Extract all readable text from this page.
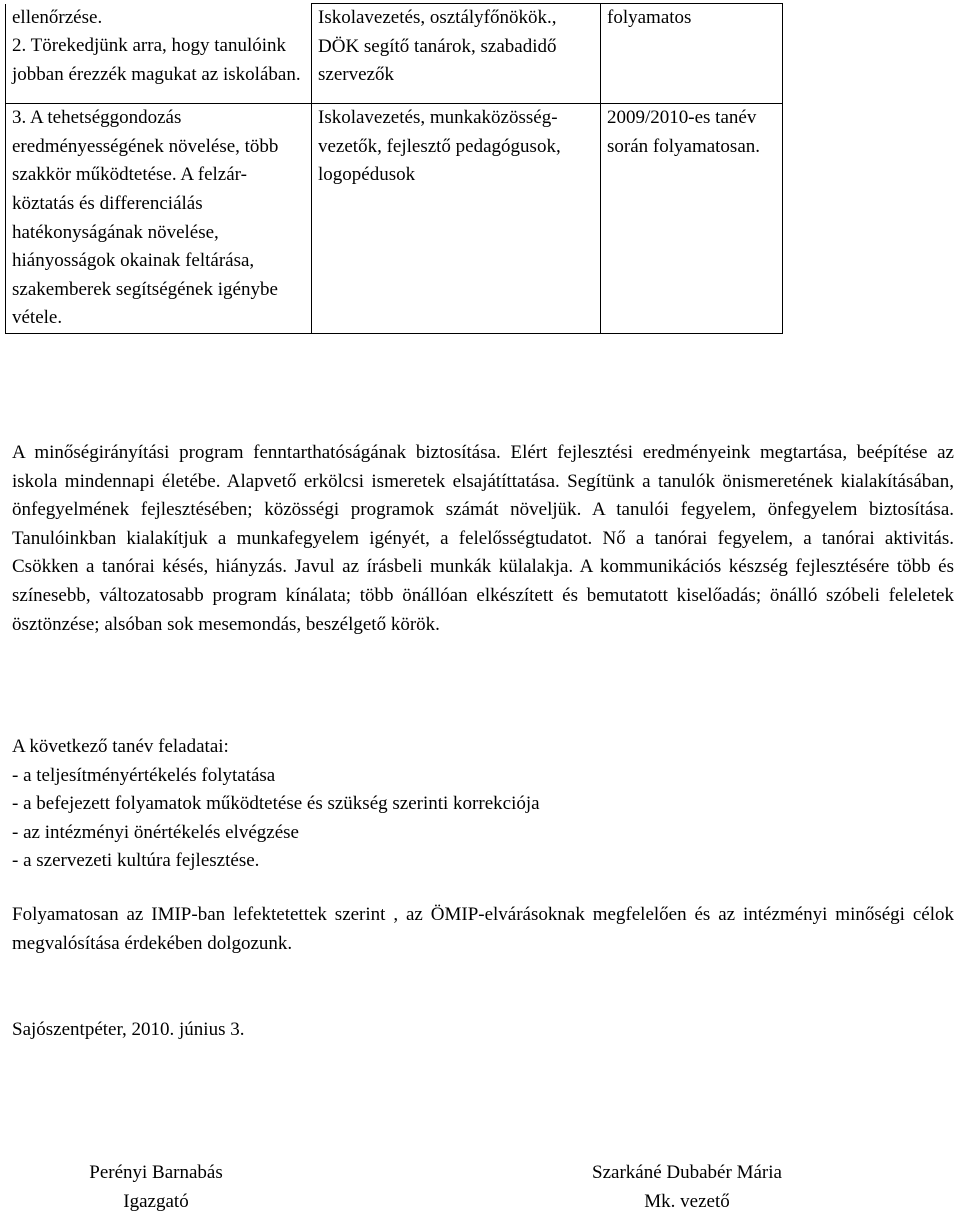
ellenőrzése.
2. Törekedjünk arra, hogy tanulóink jobban érezzék magukat az iskolában.	Iskolavezetés, osztályfőnökök., DÖK segítő tanárok, szabadidő szervezők	folyamatos

3. A tehetséggondozás eredményességének növelése, több szakkör működtetése. A felzár-köztatás és differenciálás hatékonyságának növelése, hiányosságok okainak feltárása, szakemberek segítségének igénybe vétele.	Iskolavezetés, munkaközösség-vezetők, fejlesztő pedagógusok, logopédusok	2009/2010-es tanév során folyamatosan.

A minőségirányítási program fenntarthatóságának biztosítása. Elért fejlesztési eredményeink megtartása, beépítése az iskola mindennapi életébe. Alapvető erkölcsi ismeretek elsajátíttatása. Segítünk a tanulók önismeretének kialakításában, önfegyelmének fejlesztésében; közösségi programok számát növeljük. A tanulói fegyelem, önfegyelem biztosítása. Tanulóinkban kialakítjuk a munkafegyelem igényét, a felelősségtudatot. Nő a tanórai fegyelem, a tanórai aktivitás. Csökken a tanórai késés, hiányzás. Javul az írásbeli munkák külalakja. A kommunikációs készség fejlesztésére több és színesebb, változatosabb program kínálata; több önállóan elkészített és bemutatott kiselőadás; önálló szóbeli feleletek ösztönzése; alsóban sok mesemondás, beszélgető körök.

A következő tanév feladatai:
- a teljesítményértékelés folytatása
- a befejezett folyamatok működtetése és szükség szerinti korrekciója
- az intézményi önértékelés elvégzése
- a szervezeti kultúra fejlesztése.

Folyamatosan az IMIP-ban lefektetettek szerint , az ÖMIP-elvárásoknak megfelelően és az intézményi minőségi célok megvalósítása érdekében dolgozunk.

Sajószentpéter, 2010. június 3.

Perényi Barnabás
Igazgató
Szarkáné Dubabér Mária
Mk. vezető
